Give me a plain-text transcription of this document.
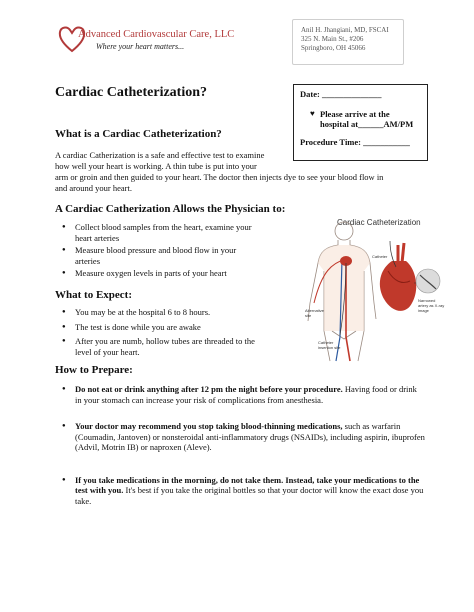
Advanced Cardiovascular Care, LLC
Where your heart matters...
Anil H. Jhangiani, MD, FSCAI
325 N. Main St., #206
Springboro, OH 45066
Cardiac Catheterization?	Date: ______________
♥ Please arrive at the
hospital at______AM/PM
Procedure Time: ___________
What is a Cardiac Catheterization?
A cardiac Catherization is a safe and effective test to examine
how well your heart is working. A thin tube is put into your
arm or groin and then guided to your heart. The doctor then injects dye to see your blood flow in
and around your heart.
A Cardiac Catherization Allows the Physician to:
● Collect blood samples from the heart, examine your
heart arteries
● Measure blood pressure and blood flow in your
arteries
● Measure oxygen levels in parts of your heart
What to Expect:
● You may be at the hospital 6 to 8 hours.
● The test is done while you are awake
● After you are numb, hollow tubes are threaded to the
level of your heart.
Cardiac Catheterization
Catheter
Alternative site
Catheter insertion site
Narrowed artery as X-ray image
How to Prepare:
● Do not eat or drink anything after 12 pm the night before your procedure. Having food or drink in your stomach can increase your risk of complications from anesthesia.
● Your doctor may recommend you stop taking blood-thinning medications, such as warfarin (Coumadin, Jantoven) or nonsteroidal anti-inflammatory drugs (NSAIDs), including aspirin, ibuprofen (Advil, Motrin IB) or naproxen (Aleve).
● If you take medications in the morning, do not take them. Instead, take your medications to the test with you. It's best if you take the original bottles so that your doctor will know the exact dose you take.
